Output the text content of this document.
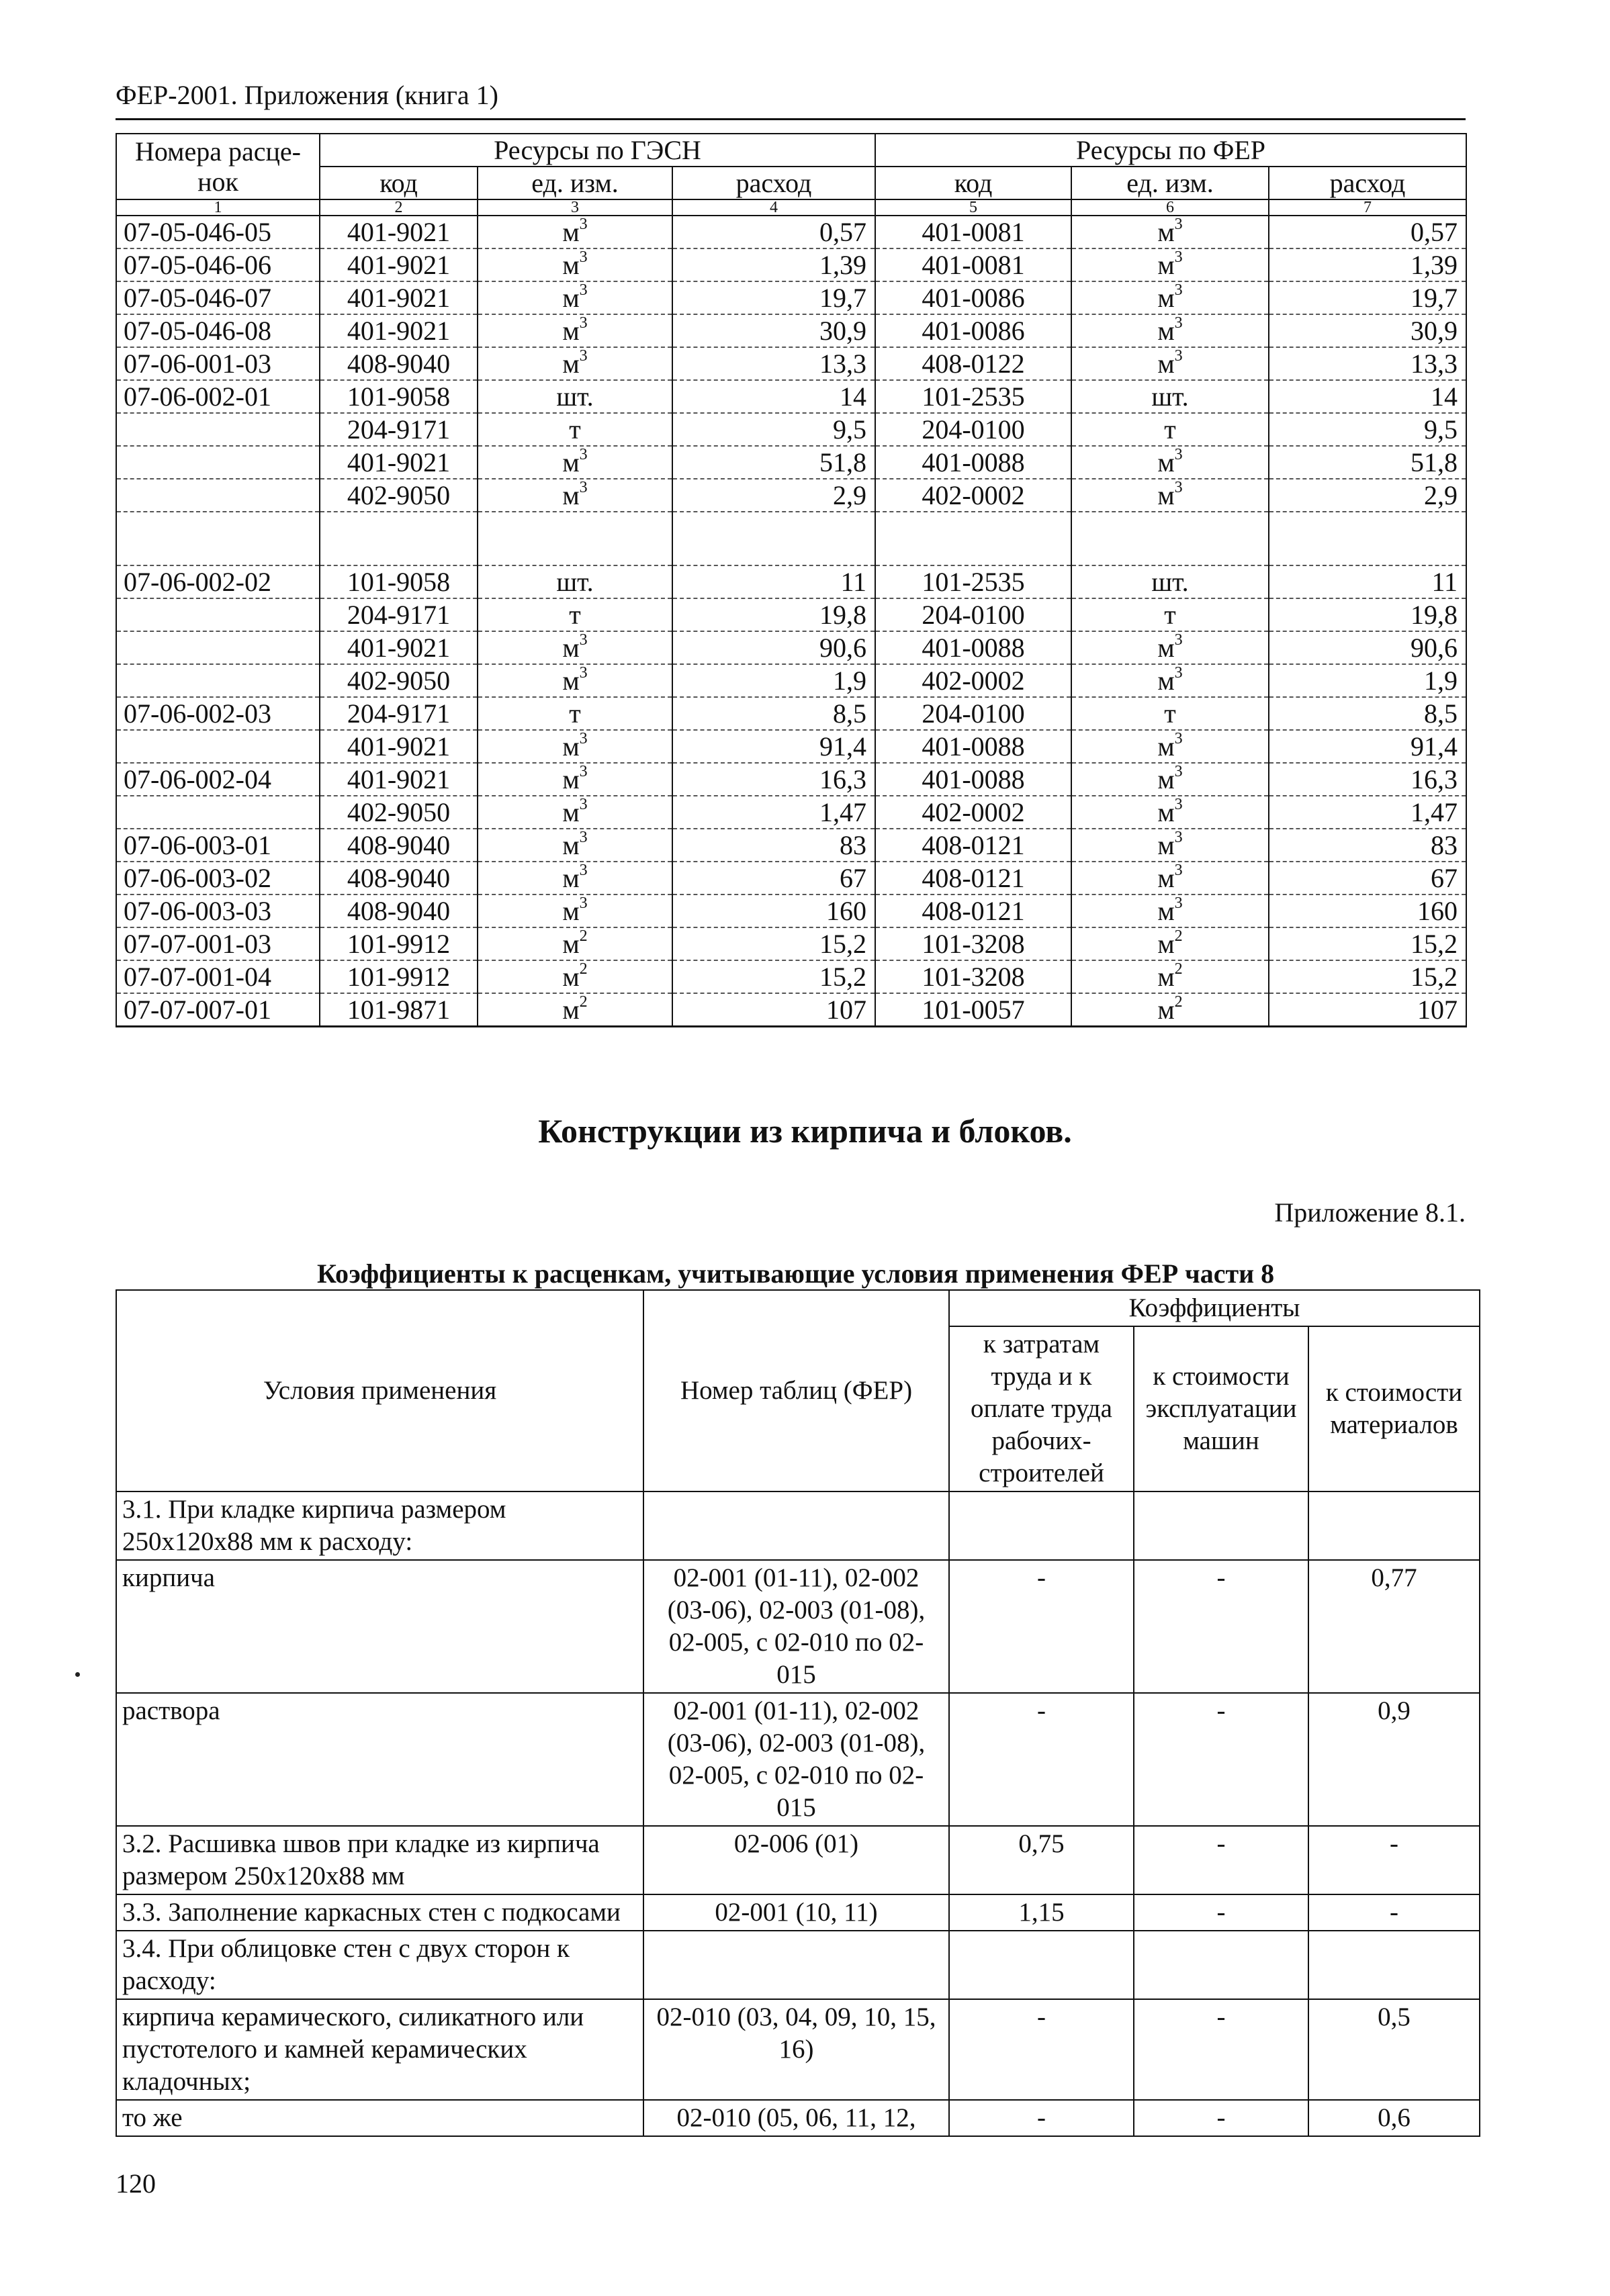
ФЕР-2001. Приложения (книга 1)
Номера расце-нок	Ресурсы по ГЭСН			Ресурсы по ФЕР		
	код	ед. изм.	расход	код	ед. изм.	расход
1	2	3	4	5	6	7
07-05-046-05	401-9021	$м^3$	0,57	401-0081	$м^3$	0,57
07-05-046-06	401-9021	$м^3$	1,39	401-0081	$м^3$	1,39
07-05-046-07	401-9021	$м^3$	19,7	401-0086	$м^3$	19,7
07-05-046-08	401-9021	$м^3$	30,9	401-0086	$м^3$	30,9
07-06-001-03	408-9040	$м^3$	13,3	408-0122	$м^3$	13,3
07-06-002-01	101-9058	шт.	14	101-2535	шт.	14
	204-9171	т	9,5	204-0100	т	9,5
	401-9021	$м^3$	51,8	401-0088	$м^3$	51,8
	402-9050	$м^3$	2,9	402-0002	$м^3$	2,9

07-06-002-02	101-9058	шт.	11	101-2535	шт.	11
	204-9171	т	19,8	204-0100	т	19,8
	401-9021	$м^3$	90,6	401-0088	$м^3$	90,6
	402-9050	$м^3$	1,9	402-0002	$м^3$	1,9
07-06-002-03	204-9171	т	8,5	204-0100	т	8,5
	401-9021	$м^3$	91,4	401-0088	$м^3$	91,4
07-06-002-04	401-9021	$м^3$	16,3	401-0088	$м^3$	16,3
	402-9050	$м^3$	1,47	402-0002	$м^3$	1,47
07-06-003-01	408-9040	$м^3$	83	408-0121	$м^3$	83
07-06-003-02	408-9040	$м^3$	67	408-0121	$м^3$	67
07-06-003-03	408-9040	$м^3$	160	408-0121	$м^3$	160
07-07-001-03	101-9912	$м^2$	15,2	101-3208	$м^2$	15,2
07-07-001-04	101-9912	$м^2$	15,2	101-3208	$м^2$	15,2
07-07-007-01	101-9871	$м^2$	107	101-0057	$м^2$	107
Конструкции из кирпича и блоков.
Приложение 8.1.
Коэффициенты к расценкам, учитывающие условия применения ФЕР части 8
Условия применения	Номер таблиц (ФЕР)	Коэффициенты		
		к затратам труда и к оплате труда рабочих-строителей	к стоимости эксплуатации машин	к стоимости материалов
3.1. При кладке кирпича размером 250х120х88 мм к расходу:				
кирпича	02-001 (01-11), 02-002 (03-06), 02-003 (01-08), 02-005, с 02-010 по 02-015	-	-	0,77
раствора	02-001 (01-11), 02-002 (03-06), 02-003 (01-08), 02-005, с 02-010 по 02-015	-	-	0,9
3.2. Расшивка швов при кладке из кирпича размером 250х120х88 мм	02-006 (01)	0,75	-	-
3.3. Заполнение каркасных стен с подкосами	02-001 (10, 11)	1,15	-	-
3.4. При облицовке стен с двух сторон к расходу:				
кирпича керамического, силикатного или пустотелого и камней керамических кладочных;	02-010 (03, 04, 09, 10, 15, 16)	-	-	0,5
то же	02-010 (05, 06, 11, 12,	-	-	0,6
120
